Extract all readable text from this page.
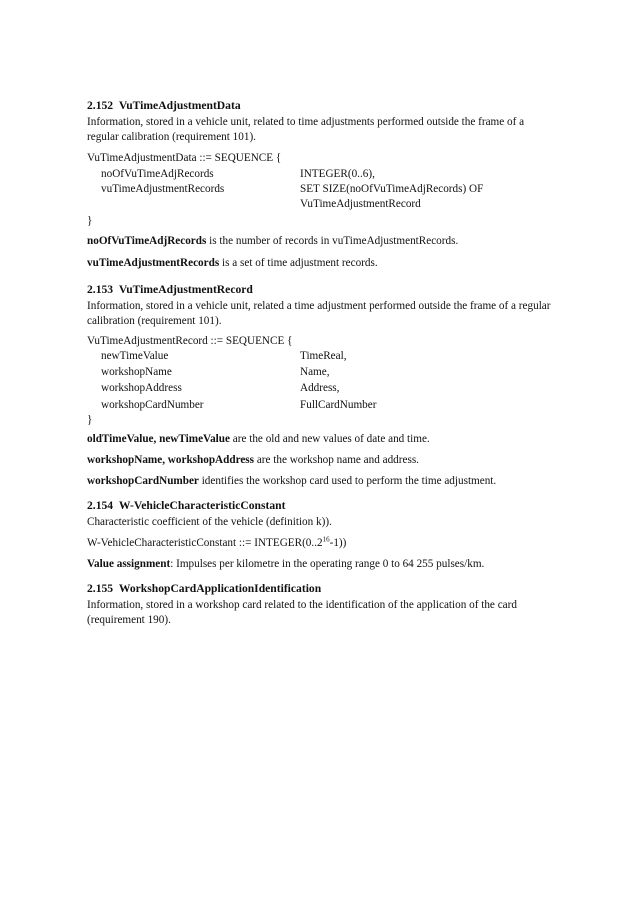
2.152 VuTimeAdjustmentData
Information, stored in a vehicle unit, related to time adjustments performed outside the frame of a regular calibration (requirement 101).
VuTimeAdjustmentData ::= SEQUENCE {
noOfVuTimeAdjRecords	INTEGER(0..6),
vuTimeAdjustmentRecords	SET SIZE(noOfVuTimeAdjRecords) OF
VuTimeAdjustmentRecord
}
noOfVuTimeAdjRecords is the number of records in vuTimeAdjustmentRecords.
vuTimeAdjustmentRecords is a set of time adjustment records.
2.153 VuTimeAdjustmentRecord
Information, stored in a vehicle unit, related a time adjustment performed outside the frame of a regular calibration (requirement 101).
VuTimeAdjustmentRecord ::= SEQUENCE {
newTimeValue	TimeReal,
workshopName	Name,
workshopAddress	Address,
workshopCardNumber	FullCardNumber
}
oldTimeValue, newTimeValue are the old and new values of date and time.
workshopName, workshopAddress are the workshop name and address.
workshopCardNumber identifies the workshop card used to perform the time adjustment.
2.154 W-VehicleCharacteristicConstant
Characteristic coefficient of the vehicle (definition k)).
W-VehicleCharacteristicConstant ::= $INTEGER(0..2^{16}-1)$)
Value assignment: Impulses per kilometre in the operating range 0 to 64 255 pulses/km.
2.155 WorkshopCardApplicationIdentification
Information, stored in a workshop card related to the identification of the application of the card (requirement 190).
